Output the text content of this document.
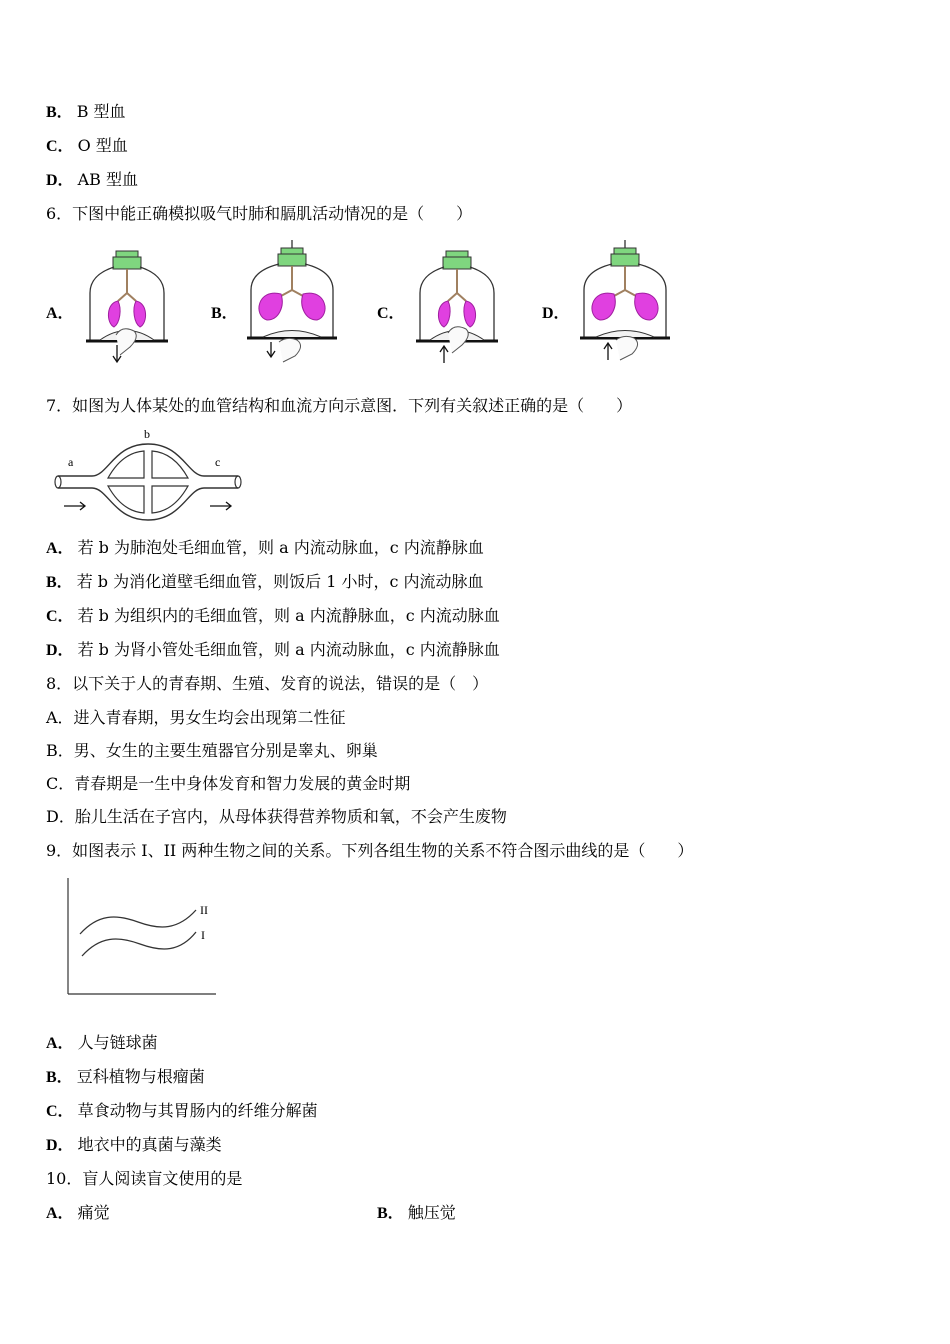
B． B 型血
C． O 型血
D． AB 型血
6．下图中能正确模拟吸气时肺和膈肌活动情况的是（　　）
A．	B．	C．	D．
7．如图为人体某处的血管结构和血流方向示意图．下列有关叙述正确的是（　　）
b
a	c
A． 若 b 为肺泡处毛细血管，则 a 内流动脉血，c 内流静脉血
B． 若 b 为消化道壁毛细血管，则饭后 1 小时，c 内流动脉血
C． 若 b 为组织内的毛细血管，则 a 内流静脉血，c 内流动脉血
D． 若 b 为肾小管处毛细血管，则 a 内流动脉血，c 内流静脉血
8．以下关于人的青春期、生殖、发育的说法，错误的是（　）
A．进入青春期，男女生均会出现第二性征
B．男、女生的主要生殖器官分别是睾丸、卵巢
C．青春期是一生中身体发育和智力发展的黄金时期
D．胎儿生活在子宫内，从母体获得营养物质和氧，不会产生废物
9．如图表示 I、II 两种生物之间的关系。下列各组生物的关系不符合图示曲线的是（　　）
II
I
A． 人与链球菌
B． 豆科植物与根瘤菌
C． 草食动物与其胃肠内的纤维分解菌
D． 地衣中的真菌与藻类
10．盲人阅读盲文使用的是
A． 痛觉	B． 触压觉
